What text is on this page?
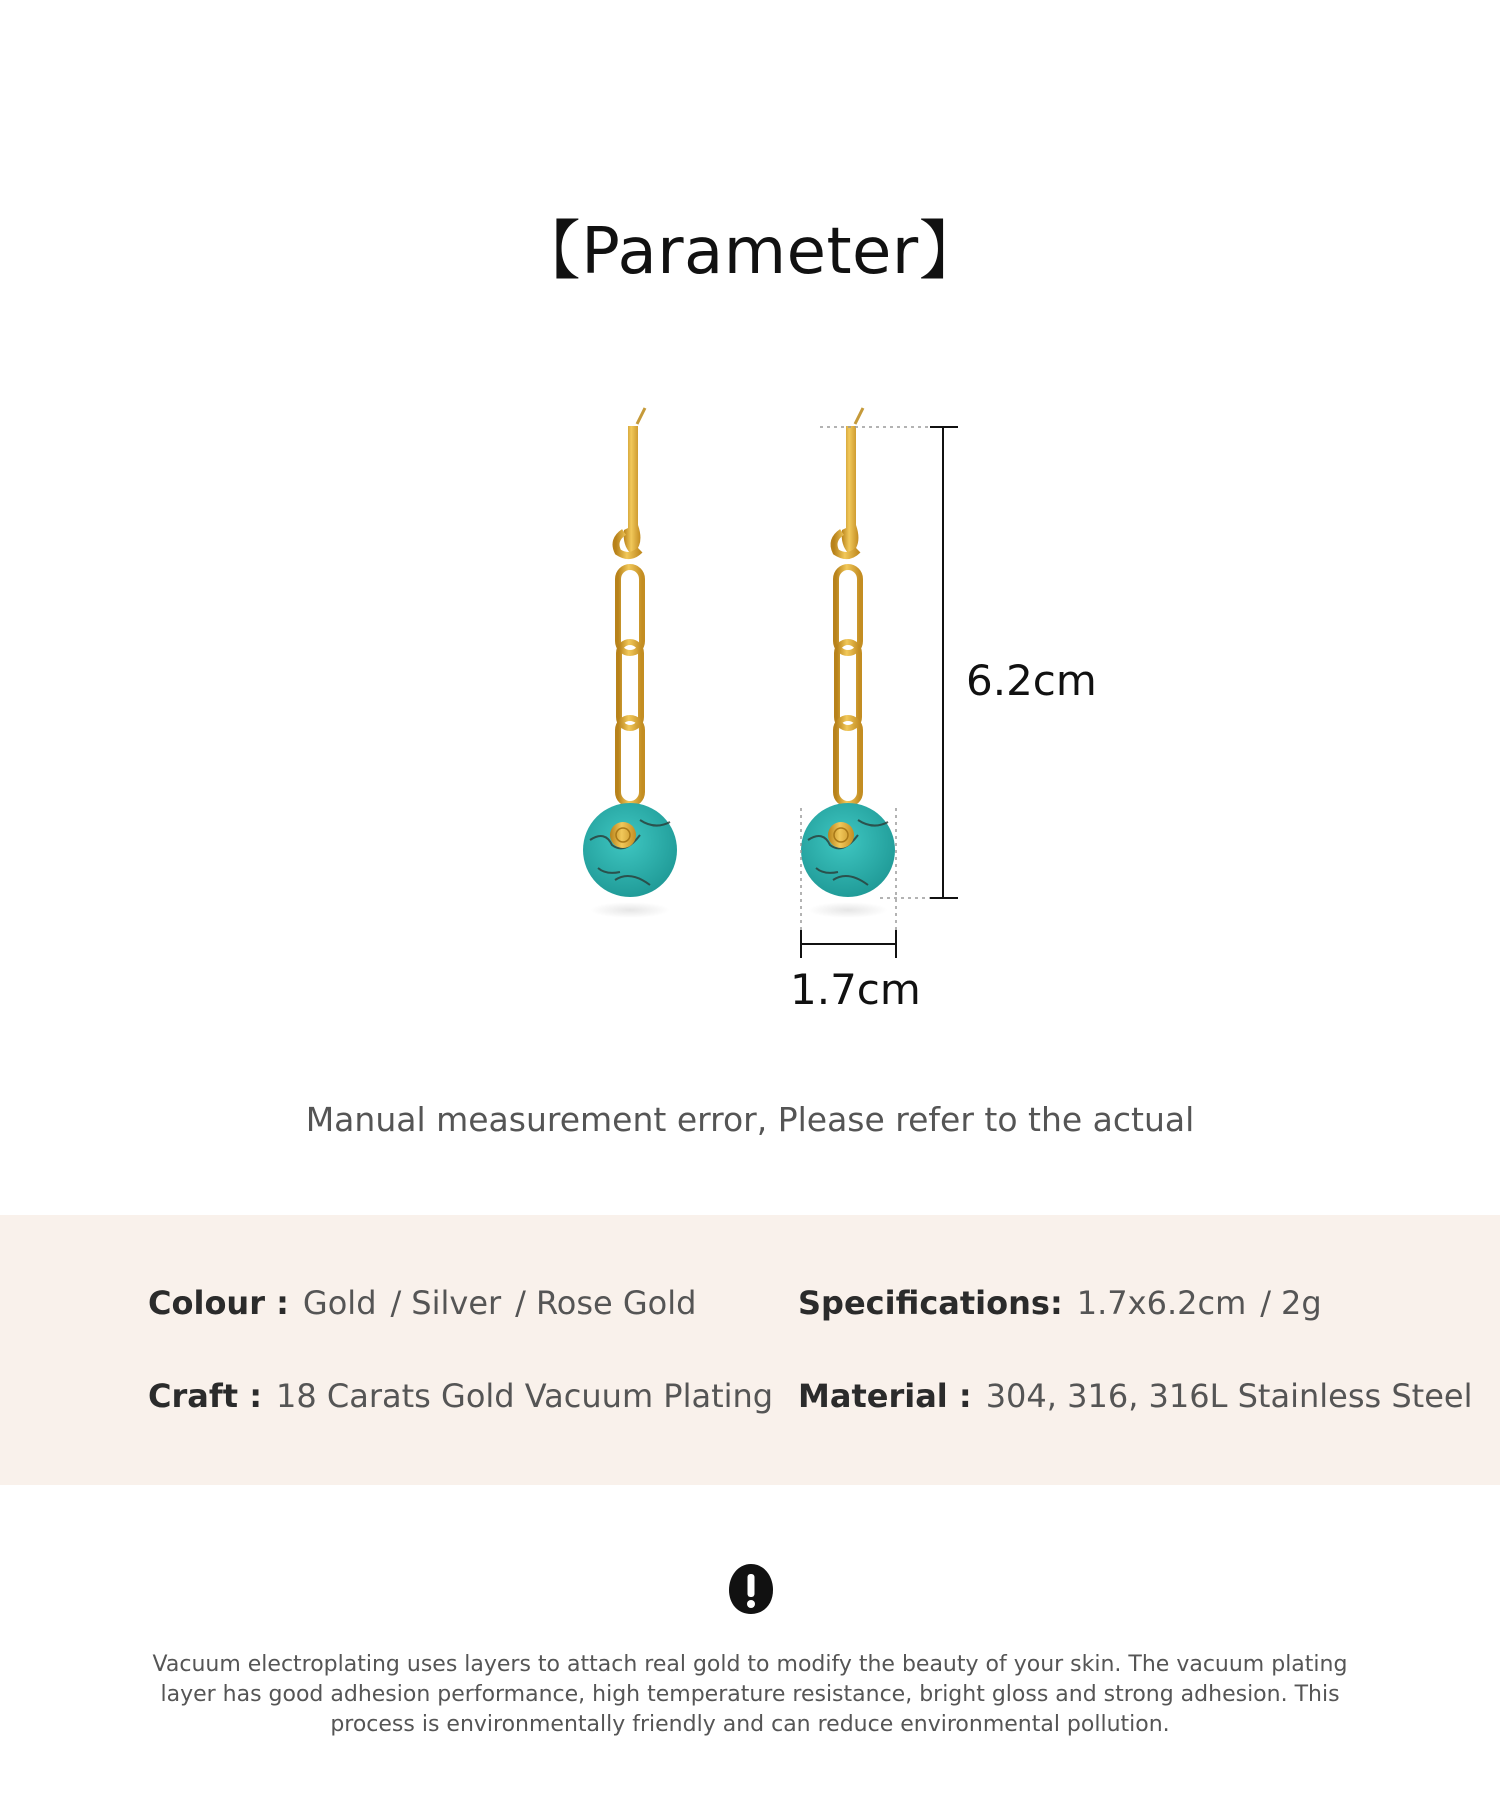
【Parameter】
6.2cm
1.7cm
Manual measurement error, Please refer to the actual
Colour : Gold / Silver / Rose Gold	Specifications: 1.7x6.2cm / 2g
Craft : 18 Carats Gold Vacuum Plating Material : 304, 316, 316L Stainless Steel
Vacuum electroplating uses layers to attach real gold to modify the beauty of your skin. The vacuum plating layer has good adhesion performance, high temperature resistance, bright gloss and strong adhesion. This process is environmentally friendly and can reduce environmental pollution.
